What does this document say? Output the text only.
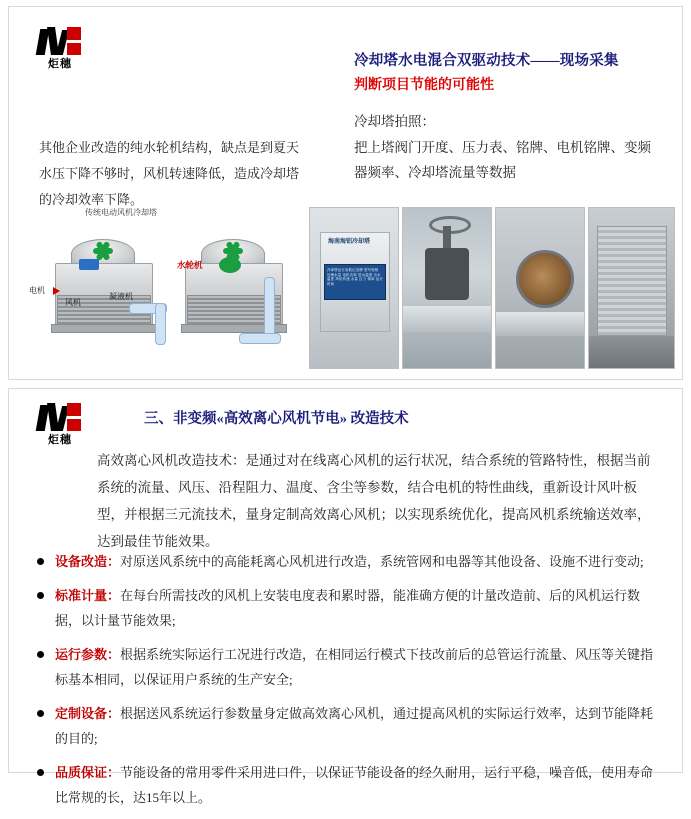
炬穗	冷却塔水电混合双驱动技术——现场采集
判断项目节能的可能性
冷却塔拍照：
把上塔阀门开度、压力表、铭牌、电机铭牌、变频器频率、冷却塔流量等数据
其他企业改造的纯水轮机结构，缺点是到夏天水压下降不够时，风机转速降低，造成冷却塔的冷却效率下降。
传统电动风机冷却塔
电机
风机
凝液机
水轮机
海南海铝冷却塔
冷却塔运行参数记录牌 型号规格 处理水量 电机功率 进水温度 出水温度 风机转速 水量 压力 频率 运行时间
炬穗
三、非变频«高效离心风机节电» 改造技术
高效离心风机改造技术：是通过对在线离心风机的运行状况，结合系统的管路特性，根据当前系统的流量、风压、沿程阻力、温度、含尘等参数，结合电机的特性曲线，重新设计风叶板型，并根据三元流技术，量身定制高效离心风机；以实现系统优化，提高风机系统输送效率，达到最佳节能效果。
设备改造：对原送风系统中的高能耗离心风机进行改造，系统管网和电器等其他设备、设施不进行变动;
标准计量：在每台所需技改的风机上安装电度表和累时器，能准确方便的计量改造前、后的风机运行数据，以计量节能效果;
运行参数：根据系统实际运行工况进行改造，在相同运行模式下技改前后的总管运行流量、风压等关键指标基本相同，以保证用户系统的生产安全;
定制设备：根据送风系统运行参数量身定做高效离心风机，通过提高风机的实际运行效率，达到节能降耗的目的;
品质保证：节能设备的常用零件采用进口件，以保证节能设备的经久耐用，运行平稳，噪音低，使用寿命比常规的长，达15年以上。
